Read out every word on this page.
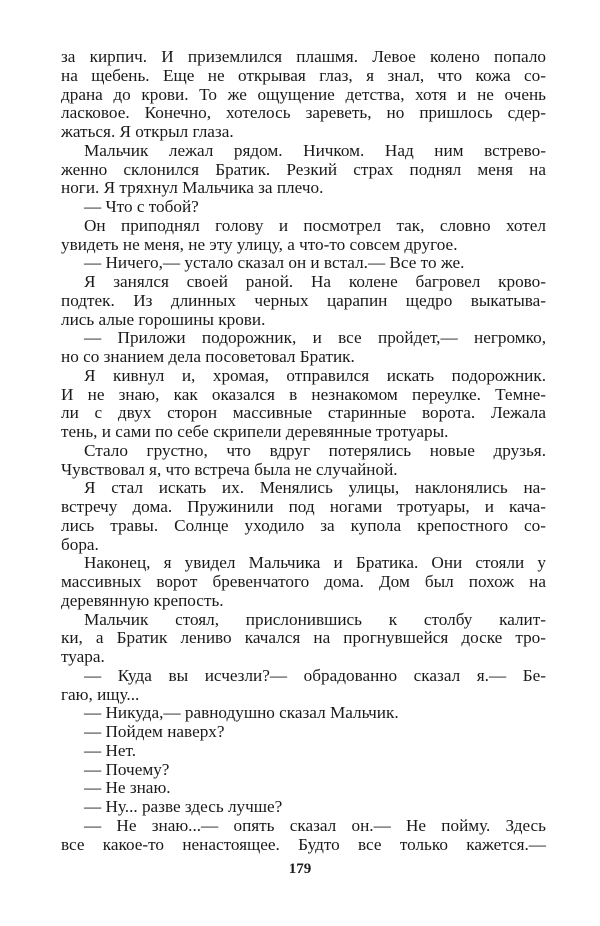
за кирпич. И приземлился плашмя. Левое колено попало
на щебень. Еще не открывая глаз, я знал, что кожа со-
драна до крови. То же ощущение детства, хотя и не очень
ласковое. Конечно, хотелось зареветь, но пришлось сдер-
жаться. Я открыл глаза.
Мальчик лежал рядом. Ничком. Над ним встрево-
женно склонился Братик. Резкий страх поднял меня на
ноги. Я тряхнул Мальчика за плечо.
— Что с тобой?
Он приподнял голову и посмотрел так, словно хотел
увидеть не меня, не эту улицу, а что-то совсем другое.
— Ничего,— устало сказал он и встал.— Все то же.
Я занялся своей раной. На колене багровел крово-
подтек. Из длинных черных царапин щедро выкатыва-
лись алые горошины крови.
— Приложи подорожник, и все пройдет,— негромко,
но со знанием дела посоветовал Братик.
Я кивнул и, хромая, отправился искать подорожник.
И не знаю, как оказался в незнакомом переулке. Темне-
ли с двух сторон массивные старинные ворота. Лежала
тень, и сами по себе скрипели деревянные тротуары.
Стало грустно, что вдруг потерялись новые друзья.
Чувствовал я, что встреча была не случайной.
Я стал искать их. Менялись улицы, наклонялись на-
встречу дома. Пружинили под ногами тротуары, и кача-
лись травы. Солнце уходило за купола крепостного со-
бора.
Наконец, я увидел Мальчика и Братика. Они стояли у
массивных ворот бревенчатого дома. Дом был похож на
деревянную крепость.
Мальчик стоял, прислонившись к столбу калит-
ки, а Братик лениво качался на прогнувшейся доске тро-
туара.
— Куда вы исчезли?— обрадованно сказал я.— Бе-
гаю, ищу...
— Никуда,— равнодушно сказал Мальчик.
— Пойдем наверх?
— Нет.
— Почему?
— Не знаю.
— Ну... разве здесь лучше?
— Не знаю...— опять сказал он.— Не пойму. Здесь
все какое-то ненастоящее. Будто все только кажется.—
179
